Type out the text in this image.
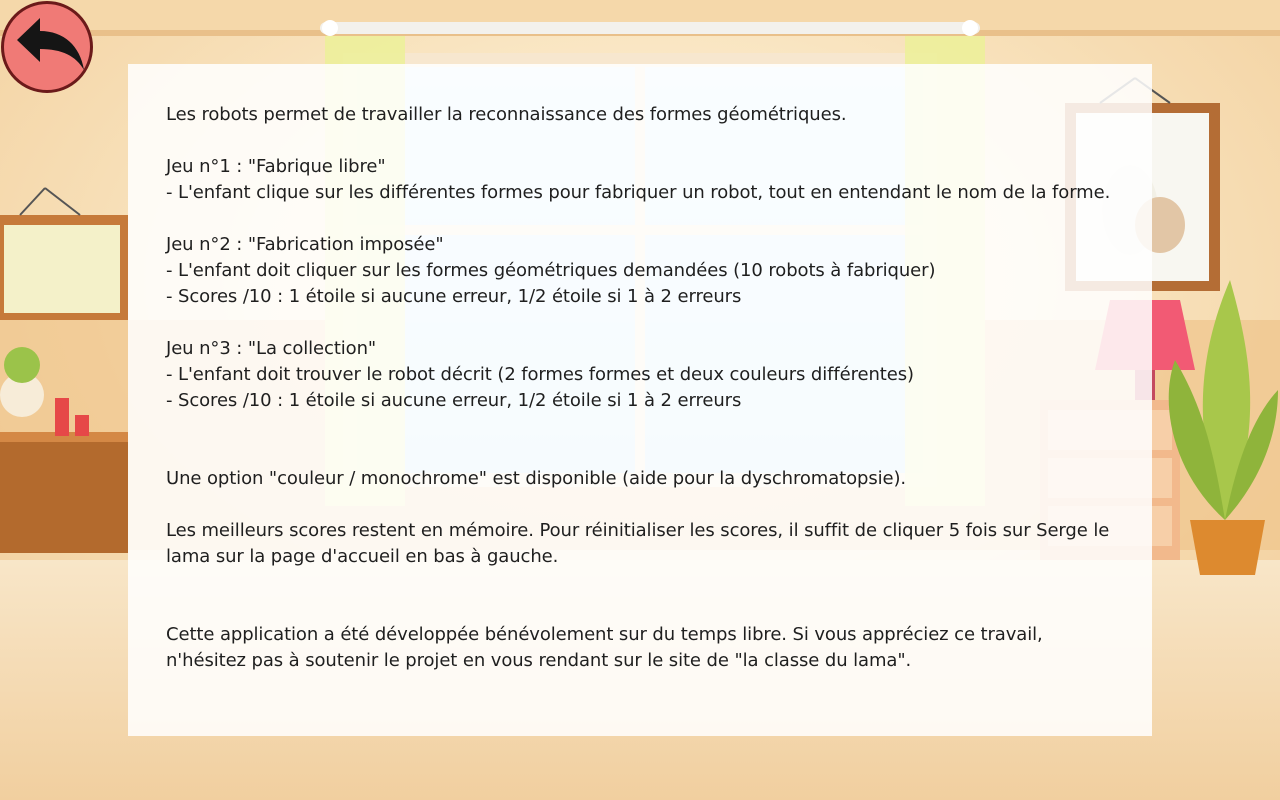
Les robots permet de travailler la reconnaissance des formes géométriques.

Jeu n°1 : "Fabrique libre"

- L'enfant clique sur les différentes formes pour fabriquer un robot, tout en entendant le nom de la forme.

Jeu n°2 : "Fabrication imposée"

- L'enfant doit cliquer sur les formes géométriques demandées (10 robots à fabriquer)

- Scores /10 : 1 étoile si aucune erreur, 1/2 étoile si 1 à 2 erreurs

Jeu n°3 : "La collection"

- L'enfant doit trouver le robot décrit (2 formes formes et deux couleurs différentes)

- Scores /10 : 1 étoile si aucune erreur, 1/2 étoile si 1 à 2 erreurs

Une option "couleur / monochrome" est disponible (aide pour la dyschromatopsie).

Les meilleurs scores restent en mémoire. Pour réinitialiser les scores, il suffit de cliquer 5 fois sur Serge le lama sur la page d'accueil en bas à gauche.

Cette application a été développée bénévolement sur du temps libre. Si vous appréciez ce travail, n'hésitez pas à soutenir le projet en vous rendant sur le site de "la classe du lama".
